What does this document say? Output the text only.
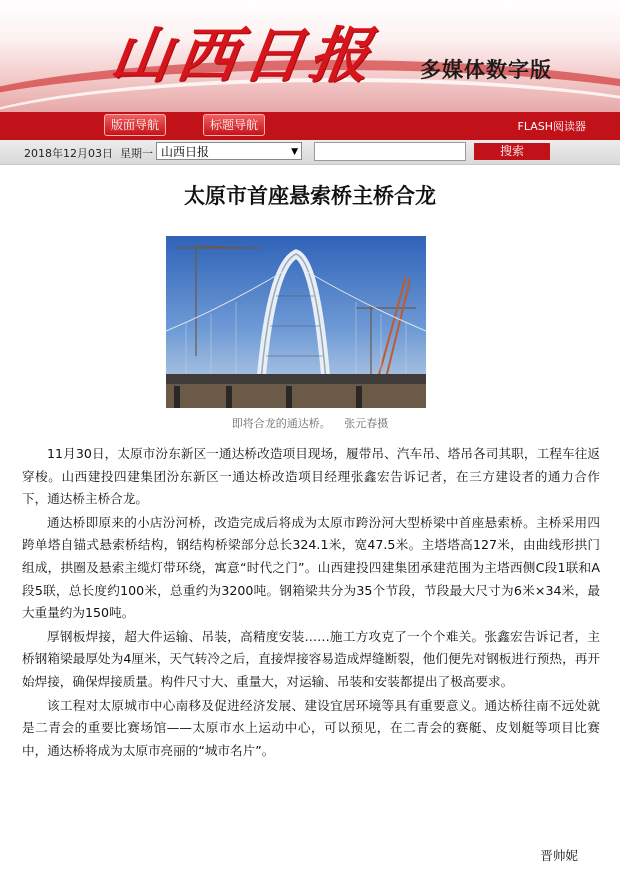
山西日报 多媒体数字版
版面导航	标题导航	FLASH阅读器
2018年12月03日 星期一 山西日报	▼	搜索
太原市首座悬索桥主桥合龙
即将合龙的通达桥。 张元春摄

11月30日，太原市汾东新区一通达桥改造项目现场，履带吊、汽车吊、塔吊各司其职，工程车往返穿梭。山西建投四建集团汾东新区一通达桥改造项目经理张鑫宏告诉记者，在三方建设者的通力合作下，通达桥主桥合龙。

通达桥即原来的小店汾河桥，改造完成后将成为太原市跨汾河大型桥梁中首座悬索桥。主桥采用四跨单塔自锚式悬索桥结构，钢结构桥梁部分总长324.1米，宽47.5米。主塔塔高127米，由曲线形拱门组成，拱圈及悬索主缆灯带环绕，寓意“时代之门”。山西建投四建集团承建范围为主塔西侧C段1联和A段5联，总长度约100米，总重约为3200吨。钢箱梁共分为35个节段，节段最大尺寸为6米×34米，最大重量约为150吨。

厚钢板焊接，超大件运输、吊装，高精度安装……施工方攻克了一个个难关。张鑫宏告诉记者，主桥钢箱梁最厚处为4厘米，天气转冷之后，直接焊接容易造成焊缝断裂，他们便先对钢板进行预热，再开始焊接，确保焊接质量。构件尺寸大、重量大，对运输、吊装和安装都提出了极高要求。

该工程对太原城市中心南移及促进经济发展、建设宜居环境等具有重要意义。通达桥往南不远处就是二青会的重要比赛场馆——太原市水上运动中心，可以预见，在二青会的赛艇、皮划艇等项目比赛中，通达桥将成为太原市亮丽的“城市名片”。

晋帅妮
